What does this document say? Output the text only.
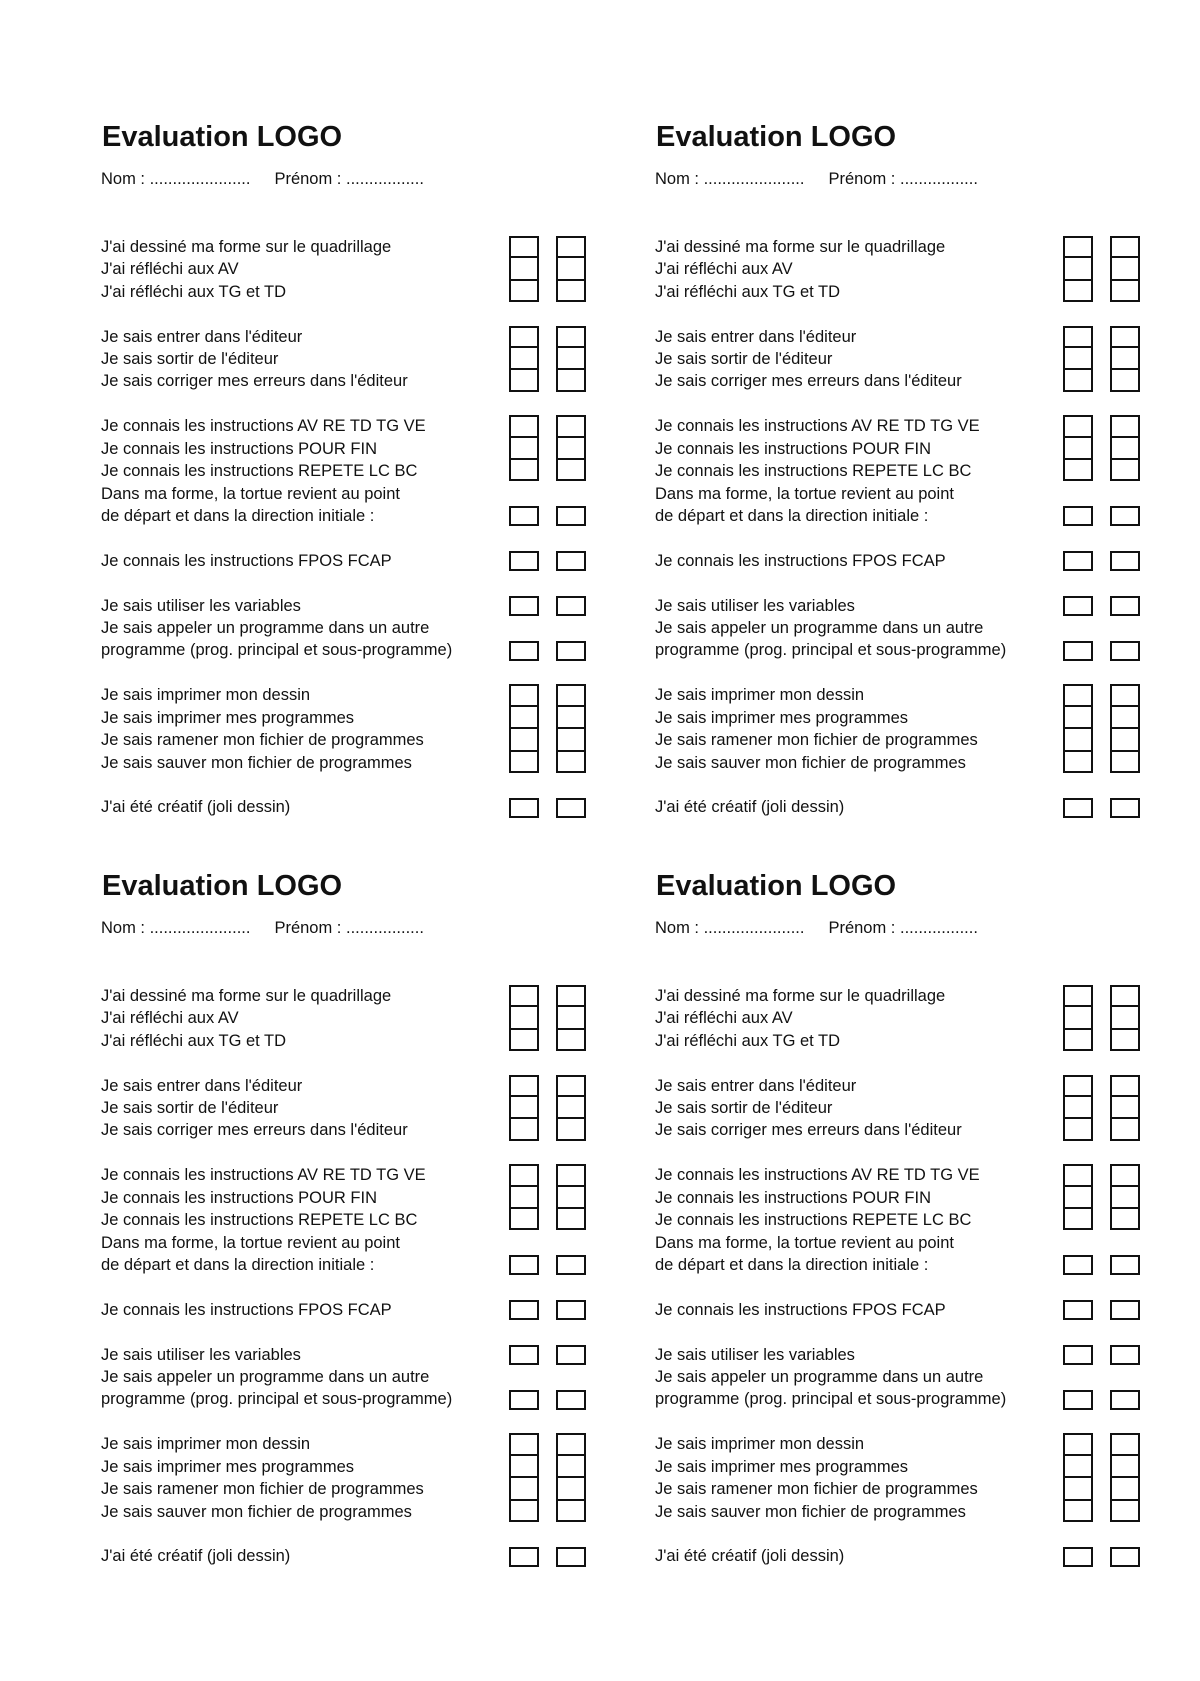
Evaluation LOGO
Nom : ...................... Prénom : .................
J'ai dessiné ma forme sur le quadrillage
J'ai réfléchi aux AV
J'ai réfléchi aux TG et TD
Je sais entrer dans l'éditeur
Je sais sortir de l'éditeur
Je sais corriger mes erreurs dans l'éditeur
Je connais les instructions AV RE TD TG VE
Je connais les instructions POUR FIN
Je connais les instructions REPETE LC BC
Dans ma forme, la tortue revient au point
de départ et dans la direction initiale :
Je connais les instructions FPOS FCAP
Je sais utiliser les variables
Je sais appeler un programme dans un autre
programme (prog. principal et sous-programme)
Je sais imprimer mon dessin
Je sais imprimer mes programmes
Je sais ramener mon fichier de programmes
Je sais sauver mon fichier de programmes
J'ai été créatif (joli dessin)
Evaluation LOGO
Nom : ...................... Prénom : .................
J'ai dessiné ma forme sur le quadrillage
J'ai réfléchi aux AV
J'ai réfléchi aux TG et TD
Je sais entrer dans l'éditeur
Je sais sortir de l'éditeur
Je sais corriger mes erreurs dans l'éditeur
Je connais les instructions AV RE TD TG VE
Je connais les instructions POUR FIN
Je connais les instructions REPETE LC BC
Dans ma forme, la tortue revient au point
de départ et dans la direction initiale :
Je connais les instructions FPOS FCAP
Je sais utiliser les variables
Je sais appeler un programme dans un autre
programme (prog. principal et sous-programme)
Je sais imprimer mon dessin
Je sais imprimer mes programmes
Je sais ramener mon fichier de programmes
Je sais sauver mon fichier de programmes
J'ai été créatif (joli dessin)
Evaluation LOGO
Nom : ...................... Prénom : .................
J'ai dessiné ma forme sur le quadrillage
J'ai réfléchi aux AV
J'ai réfléchi aux TG et TD
Je sais entrer dans l'éditeur
Je sais sortir de l'éditeur
Je sais corriger mes erreurs dans l'éditeur
Je connais les instructions AV RE TD TG VE
Je connais les instructions POUR FIN
Je connais les instructions REPETE LC BC
Dans ma forme, la tortue revient au point
de départ et dans la direction initiale :
Je connais les instructions FPOS FCAP
Je sais utiliser les variables
Je sais appeler un programme dans un autre
programme (prog. principal et sous-programme)
Je sais imprimer mon dessin
Je sais imprimer mes programmes
Je sais ramener mon fichier de programmes
Je sais sauver mon fichier de programmes
J'ai été créatif (joli dessin)
Evaluation LOGO
Nom : ...................... Prénom : .................
J'ai dessiné ma forme sur le quadrillage
J'ai réfléchi aux AV
J'ai réfléchi aux TG et TD
Je sais entrer dans l'éditeur
Je sais sortir de l'éditeur
Je sais corriger mes erreurs dans l'éditeur
Je connais les instructions AV RE TD TG VE
Je connais les instructions POUR FIN
Je connais les instructions REPETE LC BC
Dans ma forme, la tortue revient au point
de départ et dans la direction initiale :
Je connais les instructions FPOS FCAP
Je sais utiliser les variables
Je sais appeler un programme dans un autre
programme (prog. principal et sous-programme)
Je sais imprimer mon dessin
Je sais imprimer mes programmes
Je sais ramener mon fichier de programmes
Je sais sauver mon fichier de programmes
J'ai été créatif (joli dessin)
